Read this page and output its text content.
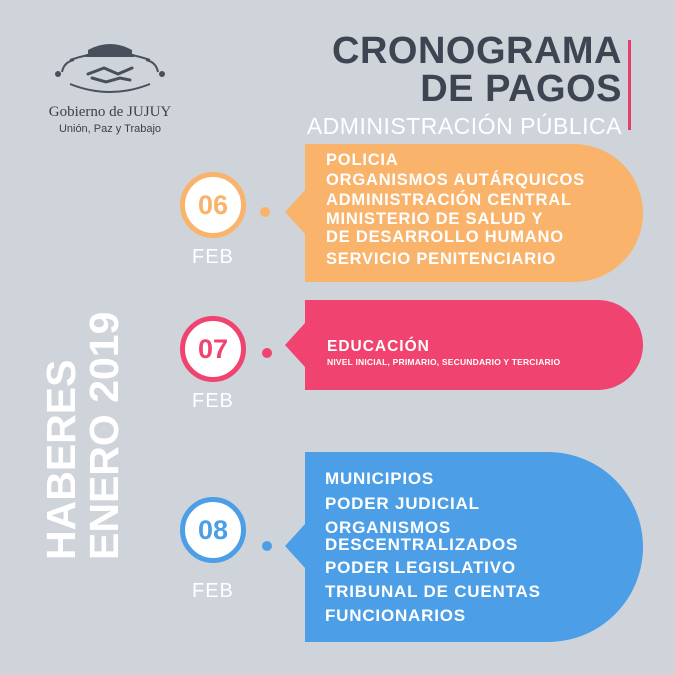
Gobierno de JUJUY
Unión, Paz y Trabajo
CRONOGRAMA
DE PAGOS
ADMINISTRACIÓN PÚBLICA
HABERES
ENERO 2019
06
FEB
07
FEB
08
FEB
POLICIA
ORGANISMOS AUTÁRQUICOS
ADMINISTRACIÓN CENTRAL
MINISTERIO DE SALUD Y
DE DESARROLLO HUMANO
SERVICIO PENITENCIARIO
EDUCACIÓN
NIVEL INICIAL, PRIMARIO, SECUNDARIO Y TERCIARIO
MUNICIPIOS
PODER JUDICIAL
ORGANISMOS
DESCENTRALIZADOS
PODER LEGISLATIVO
TRIBUNAL DE CUENTAS
FUNCIONARIOS
